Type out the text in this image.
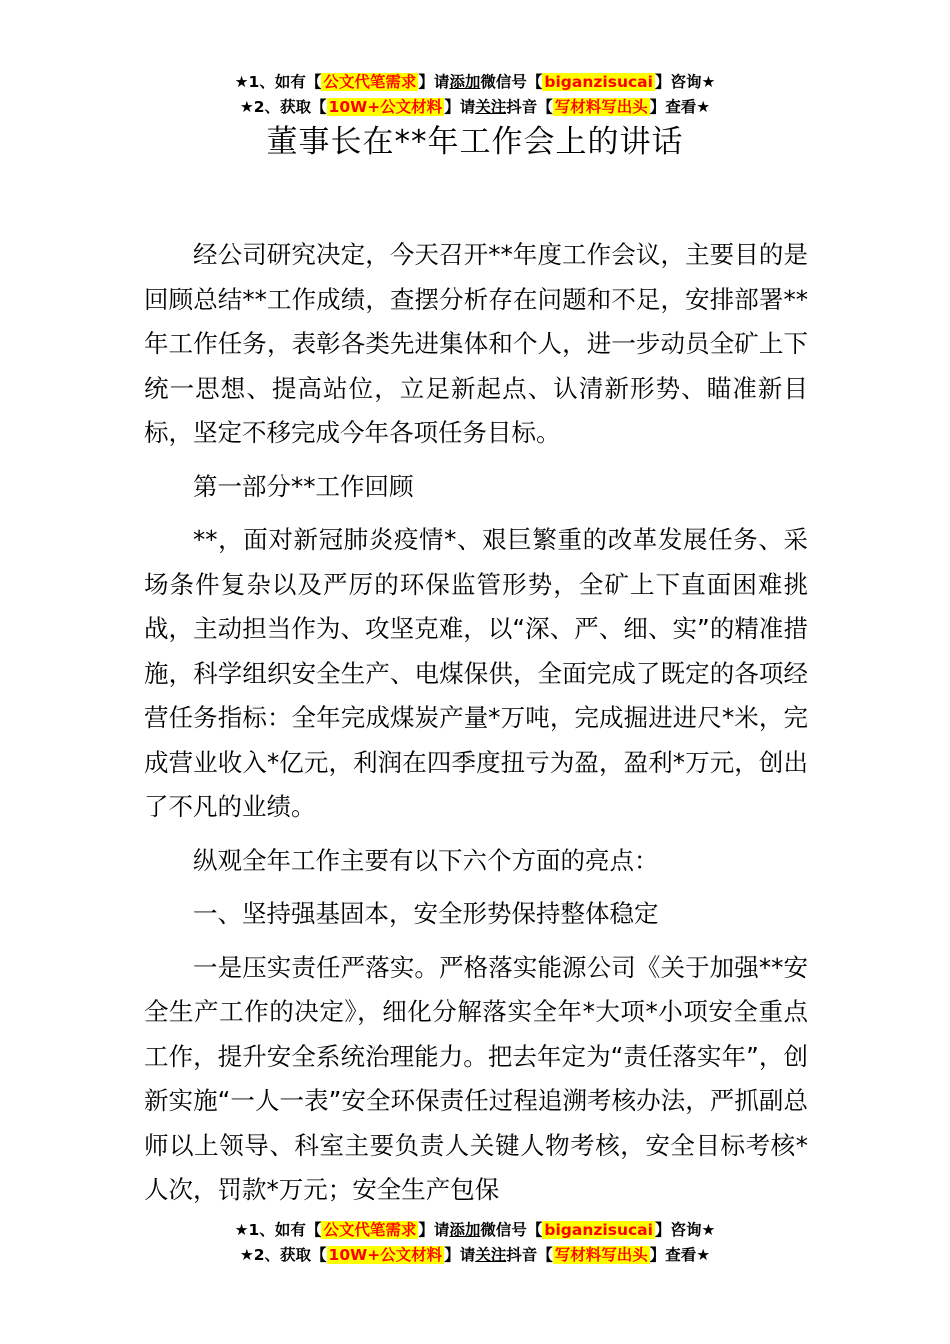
★1、如有【 公文代笔需求 】请添加微信号【 biganzisucai 】咨询★
★2、获取【 10W+公文材料 】请关注抖音【 写材料写出头 】查看★
董事长在**年工作会上的讲话

经公司研究决定，今天召开**年度工作会议，主要目的是回顾总结**工作成绩，查摆分析存在问题和不足，安排部署**年工作任务，表彰各类先进集体和个人，进一步动员全矿上下统一思想、提高站位，立足新起点、认清新形势、瞄准新目标，坚定不移完成今年各项任务目标。

第一部分**工作回顾

**，面对新冠肺炎疫情*、艰巨繁重的改革发展任务、采场条件复杂以及严厉的环保监管形势，全矿上下直面困难挑战，主动担当作为、攻坚克难，以“深、严、细、实”的精准措施，科学组织安全生产、电煤保供，全面完成了既定的各项经营任务指标：全年完成煤炭产量*万吨，完成掘进进尺*米，完成营业收入*亿元，利润在四季度扭亏为盈，盈利*万元，创出了不凡的业绩。

纵观全年工作主要有以下六个方面的亮点：

一、坚持强基固本，安全形势保持整体稳定

一是压实责任严落实。严格落实能源公司《关于加强**安全生产工作的决定》，细化分解落实全年*大项*小项安全重点工作，提升安全系统治理能力。把去年定为“责任落实年”，创新实施“一人一表”安全环保责任过程追溯考核办法，严抓副总师以上领导、科室主要负责人关键人物考核，安全目标考核*人次，罚款*万元；安全生产包保

★1、如有【 公文代笔需求 】请添加微信号【 biganzisucai 】咨询★
★2、获取【 10W+公文材料 】请关注抖音【 写材料写出头 】查看★
